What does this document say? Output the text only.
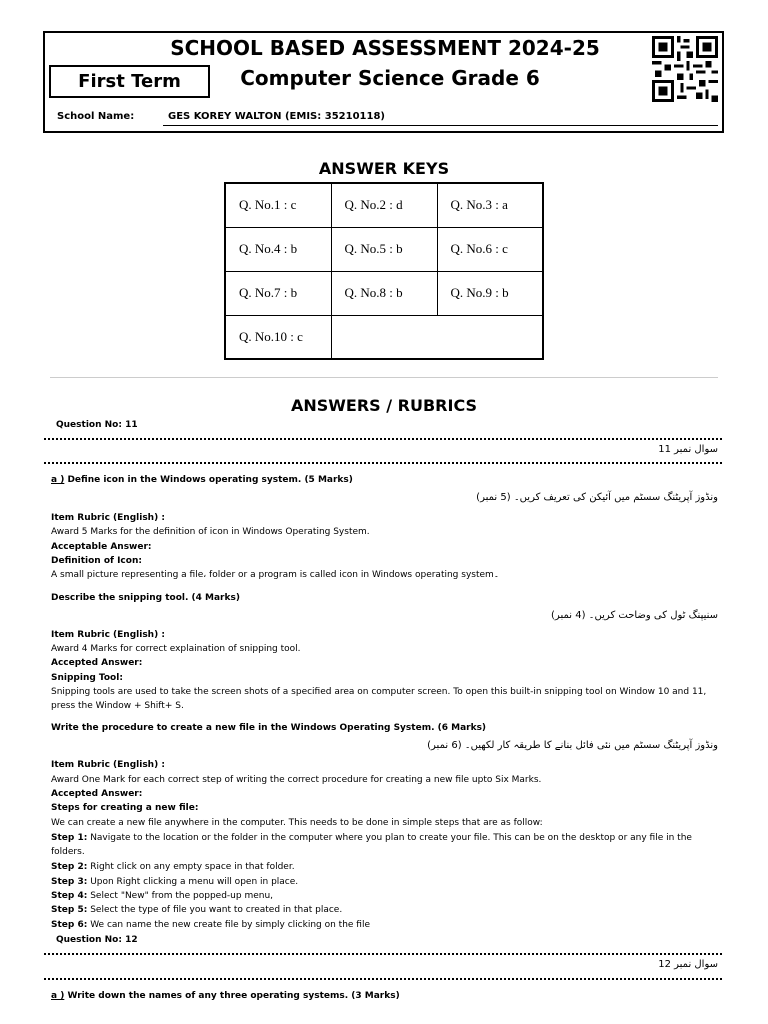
SCHOOL BASED ASSESSMENT 2024-25
First Term	Computer Science Grade 6
School Name:	GES KOREY WALTON (EMIS: 35210118)
ANSWER KEYS
Q. No.1 : c	Q. No.2 : d	Q. No.3 : a
Q. No.4 : b	Q. No.5 : b	Q. No.6 : c
Q. No.7 : b	Q. No.8 : b	Q. No.9 : b
Q. No.10 : c		
ANSWERS / RUBRICS
Question No: 11
سوال نمبر 11
a ) Define icon in the Windows operating system. (5 Marks)
ونڈوز آپریٹنگ سسٹم میں آئیکن کی تعریف کریں۔ (5 نمبر)
Item Rubric (English) :
Award 5 Marks for the definition of icon in Windows Operating System.
Acceptable Answer:
Definition of Icon:
A small picture representing a file، folder or a program is called icon in Windows operating system۔
Describe the snipping tool. (4 Marks)
سنیپنگ ٹول کی وضاحت کریں۔ (4 نمبر)
Item Rubric (English) :
Award 4 Marks for correct explaination of snipping tool.
Accepted Answer:
Snipping Tool:
Snipping tools are used to take the screen shots of a specified area on computer screen. To open this built-in snipping tool on Window 10 and 11, press the Window + Shift+ S.
Write the procedure to create a new file in the Windows Operating System. (6 Marks)
ونڈوز آپریٹنگ سسٹم میں نئی فائل بنانے کا طریقہ کار لکھیں۔ (6 نمبر)
Item Rubric (English) :
Award One Mark for each correct step of writing the correct procedure for creating a new file upto Six Marks.
Accepted Answer:
Steps for creating a new file:
We can create a new file anywhere in the computer. This needs to be done in simple steps that are as follow:
Step 1: Navigate to the location or the folder in the computer where you plan to create your file. This can be on the desktop or any file in the folders.
Step 2: Right click on any empty space in that folder.
Step 3: Upon Right clicking a menu will open in place.
Step 4: Select "New" from the popped-up menu,
Step 5: Select the type of file you want to created in that place.
Step 6: We can name the new create file by simply clicking on the file
Question No: 12
سوال نمبر 12
a ) Write down the names of any three operating systems. (3 Marks)
